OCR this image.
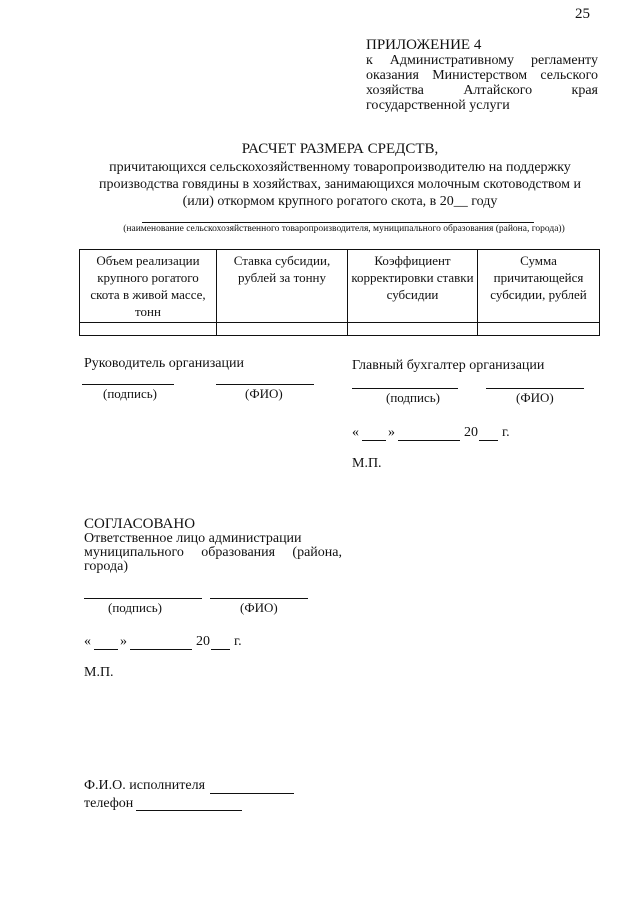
25
ПРИЛОЖЕНИЕ 4
к Административному регламенту
оказания Министерством сельского
хозяйства Алтайского края
государственной услуги
РАСЧЕТ РАЗМЕРА СРЕДСТВ,
причитающихся сельскохозяйственному товаропроизводителю на поддержку
производства говядины в хозяйствах, занимающихся молочным скотоводством и
(или) откормом крупного рогатого скота, в 20__ году
(наименование сельскохозяйственного товаропроизводителя, муниципального образования (района, города))
Объем реализации крупного рогатого скота в живой массе, тонн	Ставка субсидии, рублей за тонну	Коэффициент корректировки ставки субсидии	Сумма причитающейся субсидии, рублей

Руководитель организации
(подпись)	(ФИО)
Главный бухгалтер организации
(подпись)	(ФИО)
« »	20 г.
М.П.
СОГЛАСОВАНО
Ответственное лицо администрации
муниципального образования (района,
города)
(подпись)	(ФИО)
« »	20 г.
М.П.
Ф.И.О. исполнителя
телефон
